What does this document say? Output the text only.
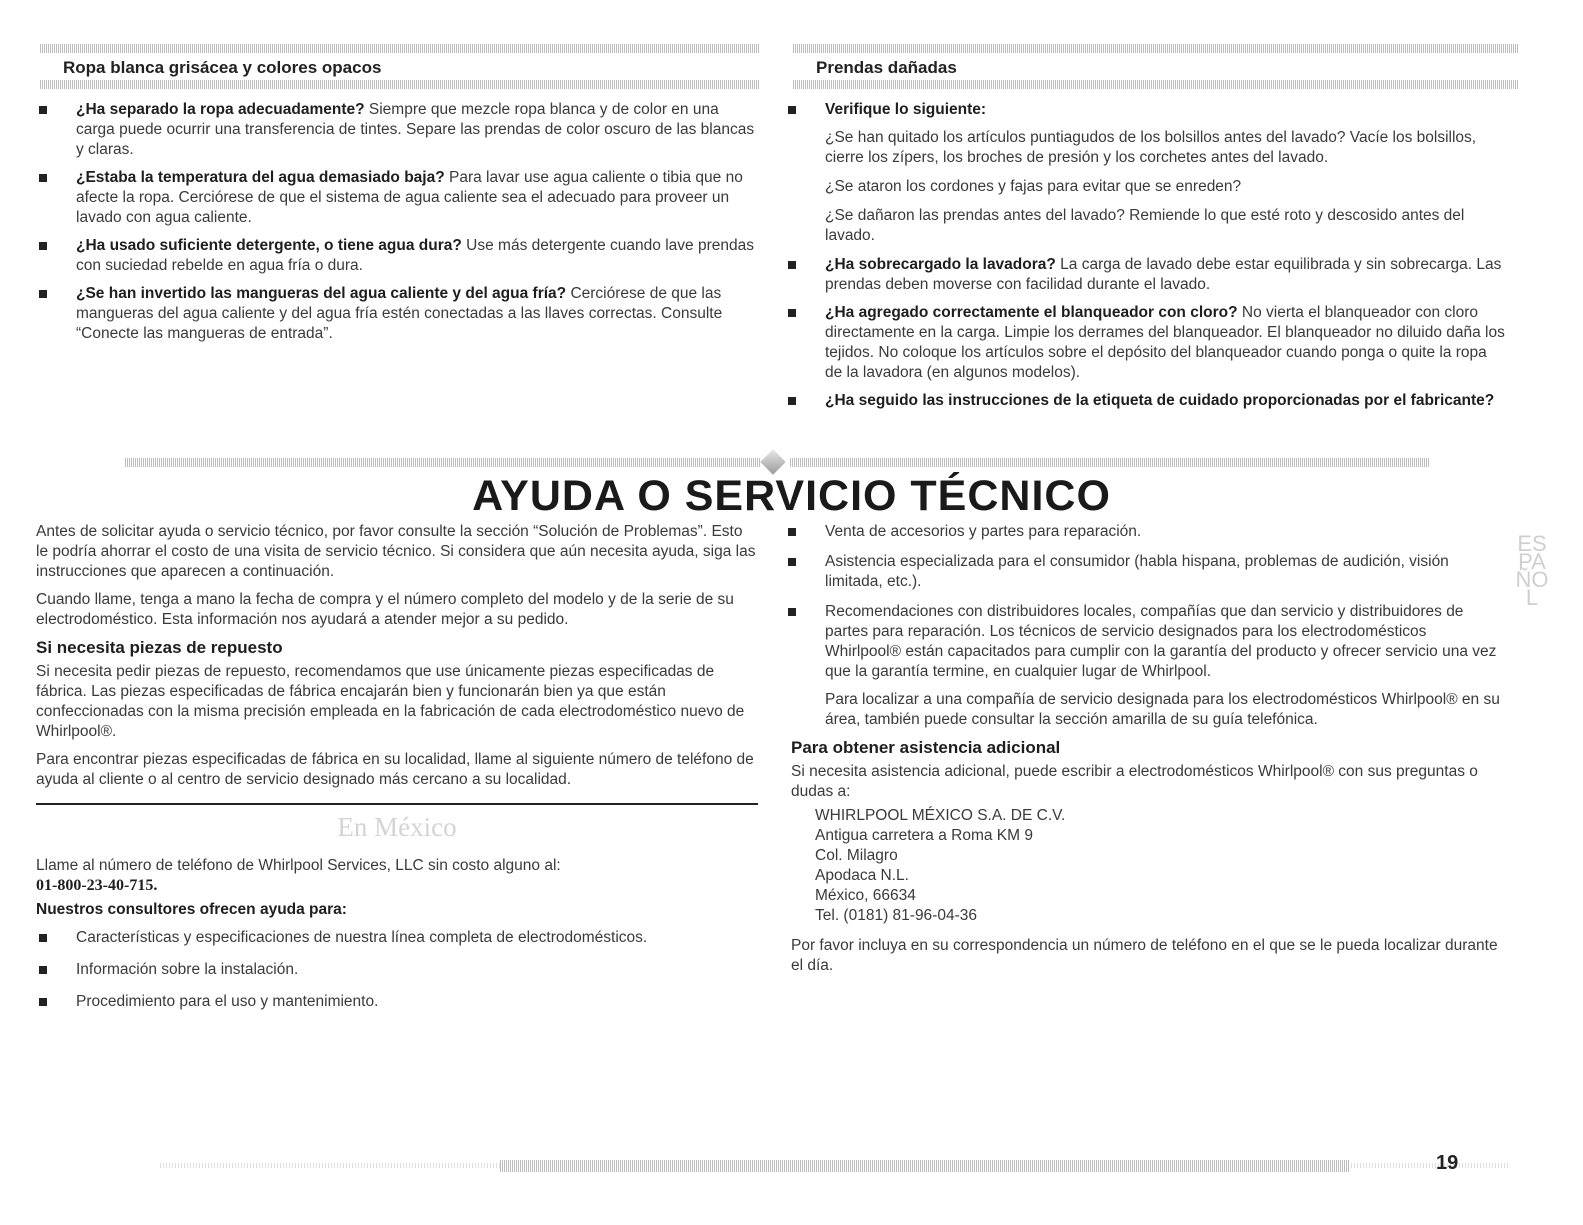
Ropa blanca grisácea y colores opacos	Prendas dañadas
¿Ha separado la ropa adecuadamente? Siempre que mezcle ropa blanca y de color en una carga puede ocurrir una transferencia de tintes. Separe las prendas de color oscuro de las blancas y claras.
¿Estaba la temperatura del agua demasiado baja? Para lavar use agua caliente o tibia que no afecte la ropa. Cerciórese de que el sistema de agua caliente sea el adecuado para proveer un lavado con agua caliente.
¿Ha usado suficiente detergente, o tiene agua dura? Use más detergente cuando lave prendas con suciedad rebelde en agua fría o dura.
¿Se han invertido las mangueras del agua caliente y del agua fría? Cerciórese de que las mangueras del agua caliente y del agua fría estén conectadas a las llaves correctas. Consulte “Conecte las mangueras de entrada”.
Verifique lo siguiente:

¿Se han quitado los artículos puntiagudos de los bolsillos antes del lavado? Vacíe los bolsillos, cierre los zípers, los broches de presión y los corchetes antes del lavado.

¿Se ataron los cordones y fajas para evitar que se enreden?

¿Se dañaron las prendas antes del lavado? Remiende lo que esté roto y descosido antes del lavado.

¿Ha sobrecargado la lavadora? La carga de lavado debe estar equilibrada y sin sobrecarga. Las prendas deben moverse con facilidad durante el lavado.
¿Ha agregado correctamente el blanqueador con cloro? No vierta el blanqueador con cloro directamente en la carga. Limpie los derrames del blanqueador. El blanqueador no diluido daña los tejidos. No coloque los artículos sobre el depósito del blanqueador cuando ponga o quite la ropa de la lavadora (en algunos modelos).
¿Ha seguido las instrucciones de la etiqueta de cuidado proporcionadas por el fabricante?
AYUDA O SERVICIO TÉCNICO

Antes de solicitar ayuda o servicio técnico, por favor consulte la sección “Solución de Problemas”. Esto le podría ahorrar el costo de una visita de servicio técnico. Si considera que aún necesita ayuda, siga las instrucciones que aparecen a continuación.

Cuando llame, tenga a mano la fecha de compra y el número completo del modelo y de la serie de su electrodoméstico. Esta información nos ayudará a atender mejor a su pedido.

Si necesita piezas de repuesto

Si necesita pedir piezas de repuesto, recomendamos que use únicamente piezas especificadas de fábrica. Las piezas especificadas de fábrica encajarán bien y funcionarán bien ya que están confeccionadas con la misma precisión empleada en la fabricación de cada electrodoméstico nuevo de Whirlpool®.

Para encontrar piezas especificadas de fábrica en su localidad, llame al siguiente número de teléfono de ayuda al cliente o al centro de servicio designado más cercano a su localidad.

En México

Llame al número de teléfono de Whirlpool Services, LLC sin costo alguno al:

01-800-23-40-715.

Nuestros consultores ofrecen ayuda para:

Características y especificaciones de nuestra línea completa de electrodomésticos.
Información sobre la instalación.
Procedimiento para el uso y mantenimiento.
Venta de accesorios y partes para reparación.
Asistencia especializada para el consumidor (habla hispana, problemas de audición, visión limitada, etc.).
Recomendaciones con distribuidores locales, compañías que dan servicio y distribuidores de partes para reparación. Los técnicos de servicio designados para los electrodomésticos Whirlpool® están capacitados para cumplir con la garantía del producto y ofrecer servicio una vez que la garantía termine, en cualquier lugar de Whirlpool.

Para localizar a una compañía de servicio designada para los electrodomésticos Whirlpool® en su área, también puede consultar la sección amarilla de su guía telefónica.

Para obtener asistencia adicional

Si necesita asistencia adicional, puede escribir a electrodomésticos Whirlpool® con sus preguntas o dudas a:

WHIRLPOOL MÉXICO S.A. DE C.V.
Antigua carretera a Roma KM 9
Col. Milagro
Apodaca N.L.
México, 66634
Tel. (0181) 81-96-04-36

Por favor incluya en su correspondencia un número de teléfono en el que se le pueda localizar durante el día.

ESPAÑOL
19
